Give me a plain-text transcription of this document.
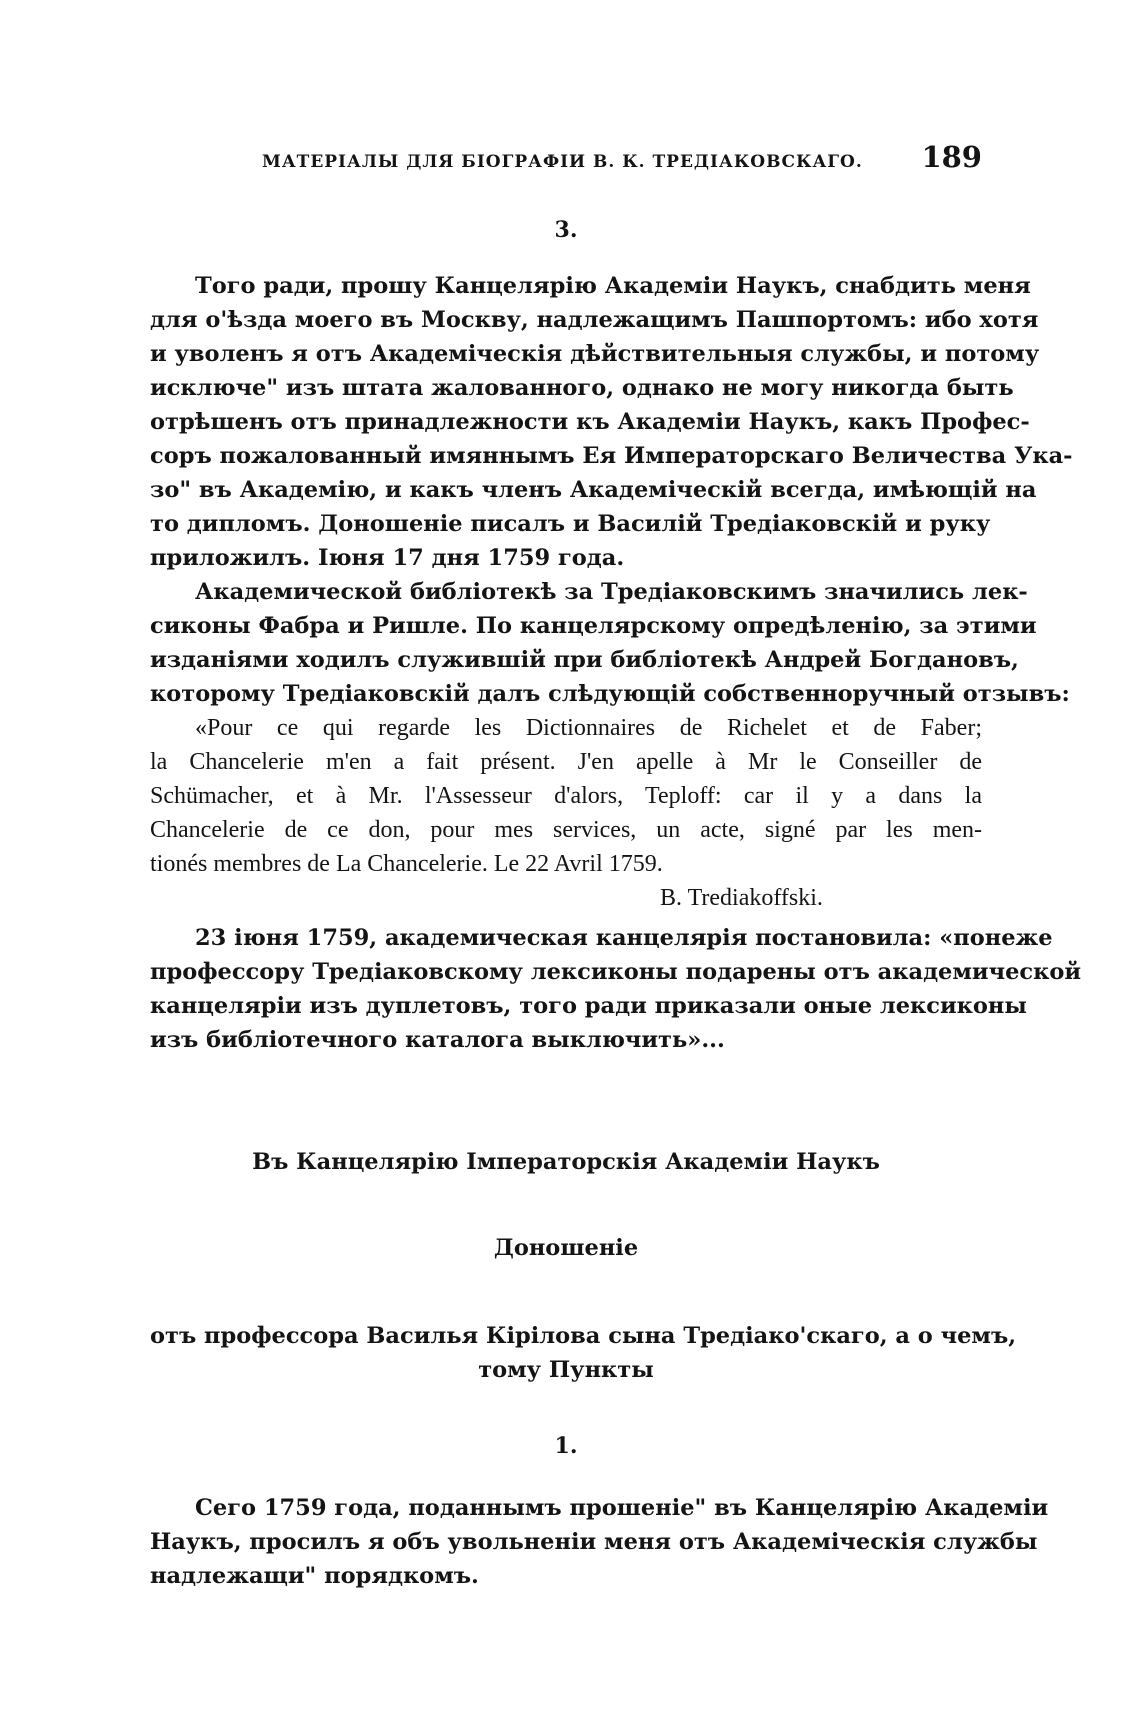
МАТЕРІАЛЫ ДЛЯ БІОГРАФІИ В. К. ТРЕДІАКОВСКАГО. 189
3.
Того ради, прошу Канцелярію Академіи Наукъ, снабдить меня
для о'ѣзда моего въ Москву, надлежащимъ Пашпортомъ: ибо хотя
и уволенъ я отъ Академіческія дѣйствительныя службы, и потому
исключе" изъ штата жалованного, однако не могу никогда быть
отрѣшенъ отъ принадлежности къ Академіи Наукъ, какъ Профес-
соръ пожалованный имяннымъ Ея Императорскаго Величества Ука-
зо" въ Академію, и какъ членъ Академіческій всегда, имѣющій на
то дипломъ. Доношеніе писалъ и Василій Тредіаковскій и руку
приложилъ. Іюня 17 дня 1759 года.
Академической библіотекѣ за Тредіаковскимъ значились лек-
сиконы Фабра и Ришле. По канцелярскому опредѣленію, за этими
изданіями ходилъ служившій при библіотекѣ Андрей Богдановъ,
которому Тредіаковскій далъ слѣдующій собственноручный отзывъ:
«Pour ce qui regarde les Dictionnaires de Richelet et de Faber;
la Chancelerie m'en a fait présent. J'en apelle à Mr le Conseiller de
Schümacher, et à Mr. l'Assesseur d'alors, Teploff: car il y a dans la
Chancelerie de ce don, pour mes services, un acte, signé par les men-
tionés membres de La Chancelerie. Le 22 Avril 1759.
B. Trediakoffski.
23 іюня 1759, академическая канцелярія постановила: «понеже
профессору Тредіаковскому лексиконы подарены отъ академической
канцеляріи изъ дуплетовъ, того ради приказали оные лексиконы
изъ библіотечного каталога выключить»...
Въ Канцелярію Імператорскія Академіи Наукъ
Доношеніе
отъ профессора Василья Кірілова сына Тредіако'скаго, а о чемъ,
тому Пункты
1.
Сего 1759 года, поданнымъ прошеніе" въ Канцелярію Академіи
Наукъ, просилъ я объ увольненіи меня отъ Академіческія службы
надлежащи" порядкомъ.
